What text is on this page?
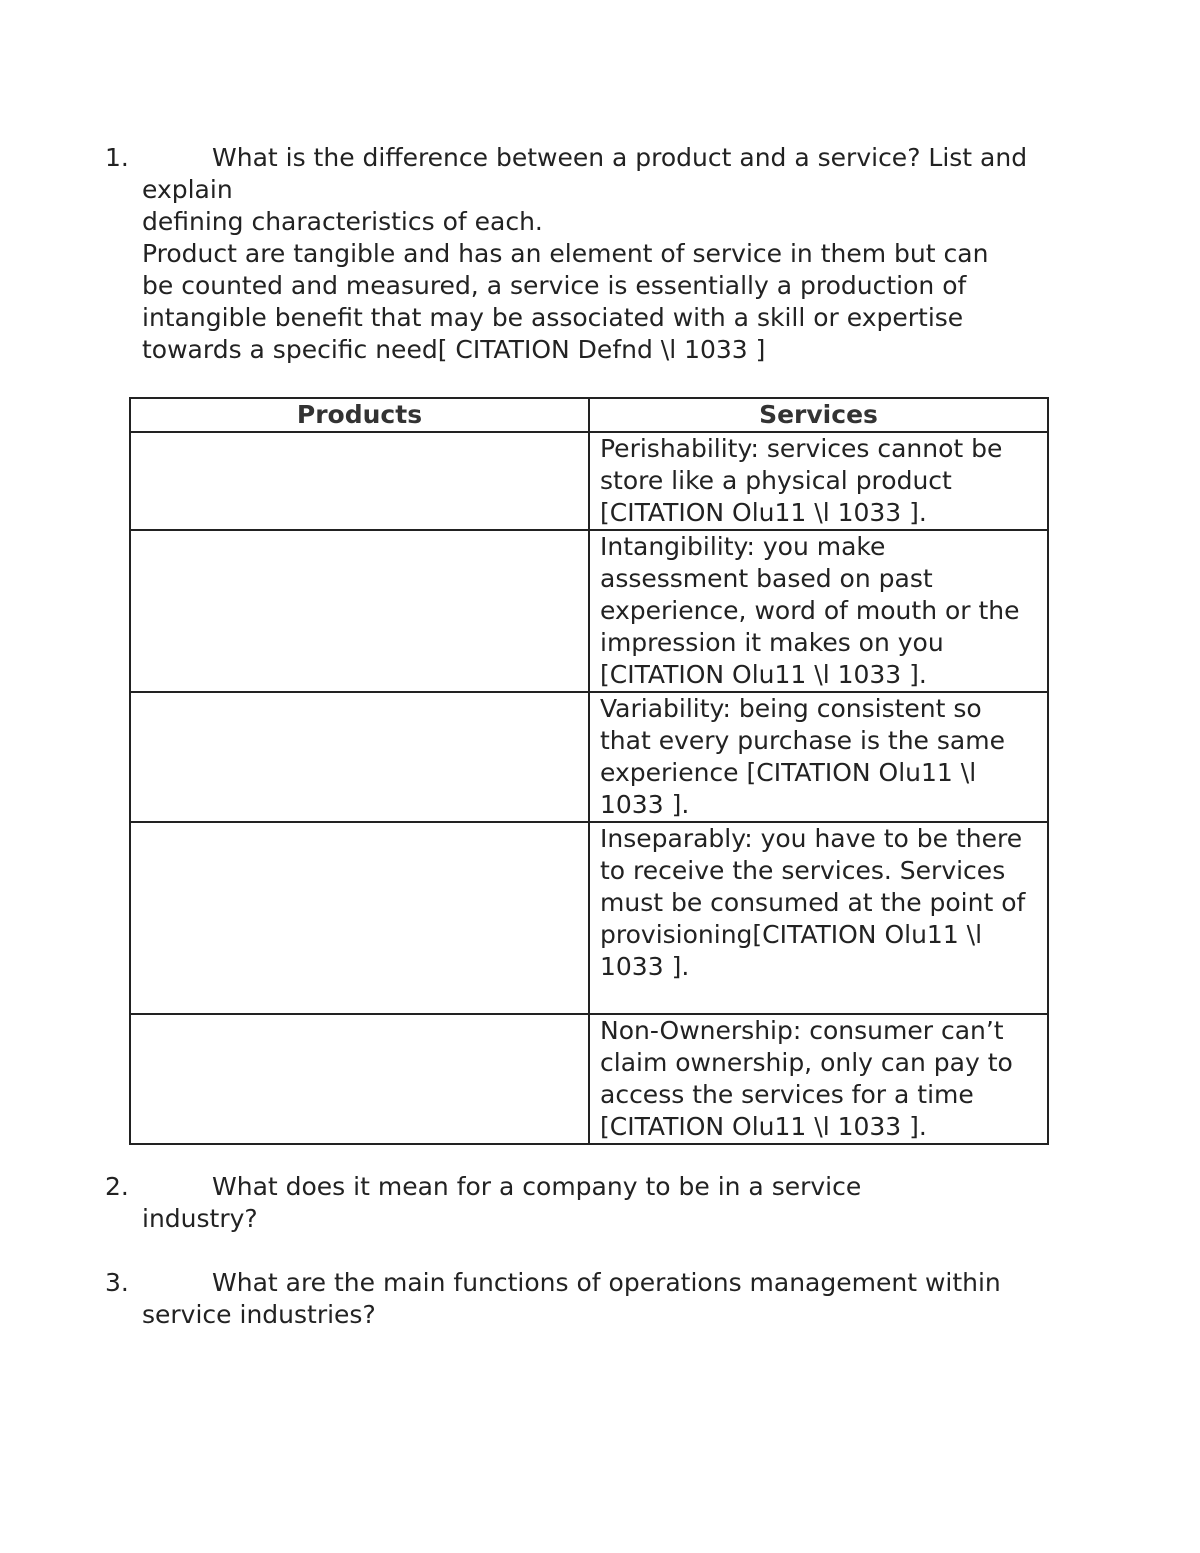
1.	What is the difference between a product and a service? List and explain
defining characteristics of each.
Product are tangible and has an element of service in them but can be counted and measured, a service is essentially a production of intangible benefit that may be associated with a skill or expertise towards a specific need[ CITATION Defnd \l 1033 ]
Products	Services
	Perishability: services cannot be store like a physical product [CITATION Olu11 \l 1033 ].
	Intangibility: you make assessment based on past experience, word of mouth or the impression it makes on you [CITATION Olu11 \l 1033 ].
	Variability: being consistent so that every purchase is the same experience [CITATION Olu11 \l 1033 ].
	Inseparably: you have to be there to receive the services. Services must be consumed at the point of provisioning[CITATION Olu11 \l 1033 ].
	Non-Ownership: consumer can’t claim ownership, only can pay to access the services for a time [CITATION Olu11 \l 1033 ].
2.	What does it mean for a company to be in a service industry?
3.	What are the main functions of operations management within service industries?
